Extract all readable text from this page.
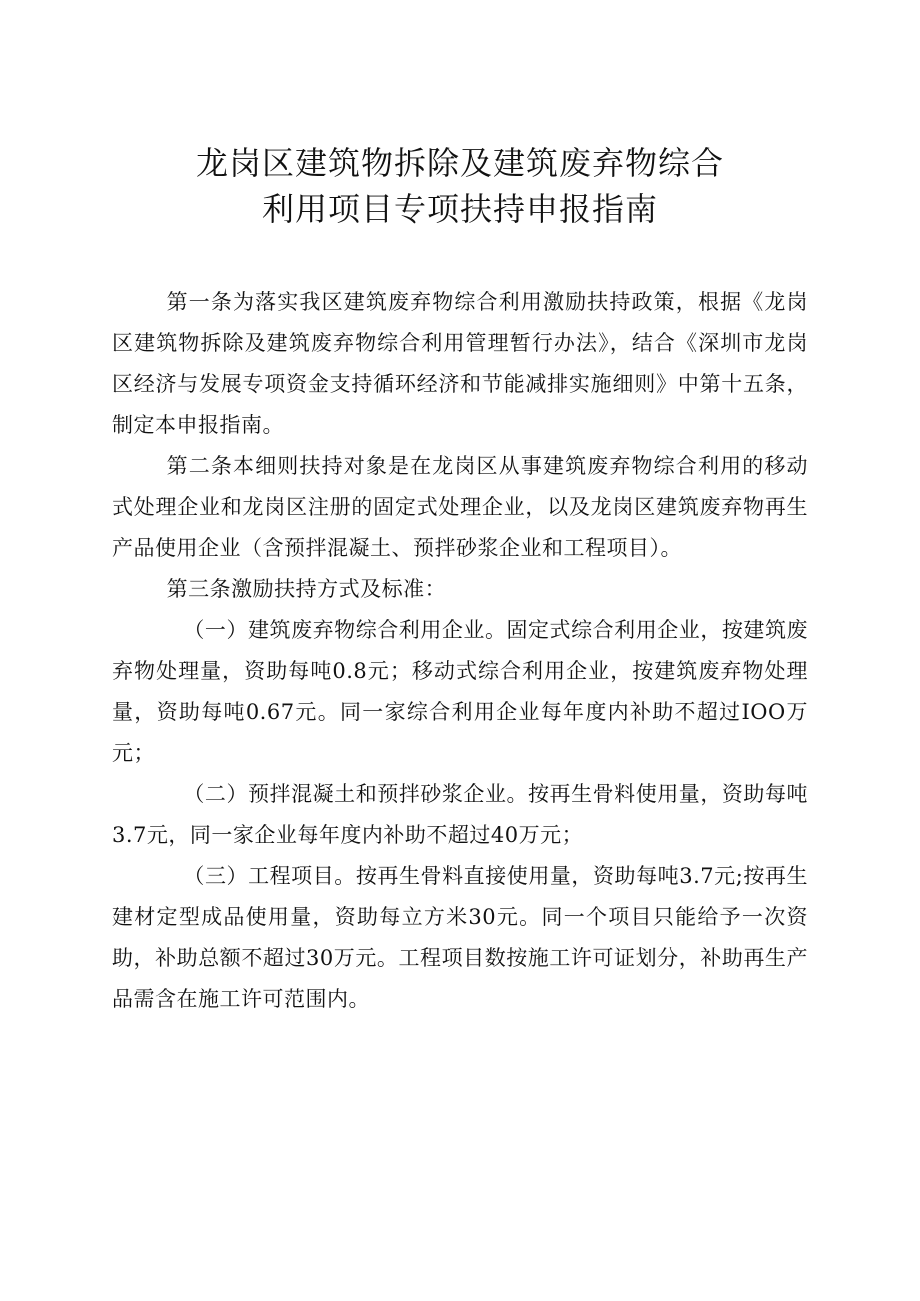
龙岗区建筑物拆除及建筑废弃物综合
利用项目专项扶持申报指南

第一条为落实我区建筑废弃物综合利用激励扶持政策，根据《龙岗区建筑物拆除及建筑废弃物综合利用管理暂行办法》，结合《深圳市龙岗区经济与发展专项资金支持循环经济和节能减排实施细则》中第十五条，制定本申报指南。

第二条本细则扶持对象是在龙岗区从事建筑废弃物综合利用的移动式处理企业和龙岗区注册的固定式处理企业，以及龙岗区建筑废弃物再生产品使用企业（含预拌混凝土、预拌砂浆企业和工程项目）。

第三条激励扶持方式及标准：

（一）建筑废弃物综合利用企业。固定式综合利用企业，按建筑废弃物处理量，资助每吨0.8元；移动式综合利用企业，按建筑废弃物处理量，资助每吨0.67元。同一家综合利用企业每年度内补助不超过IOO万元；

（二）预拌混凝土和预拌砂浆企业。按再生骨料使用量，资助每吨3.7元，同一家企业每年度内补助不超过40万元；

（三）工程项目。按再生骨料直接使用量，资助每吨3.7元;按再生建材定型成品使用量，资助每立方米30元。同一个项目只能给予一次资助，补助总额不超过30万元。工程项目数按施工许可证划分，补助再生产品需含在施工许可范围内。
